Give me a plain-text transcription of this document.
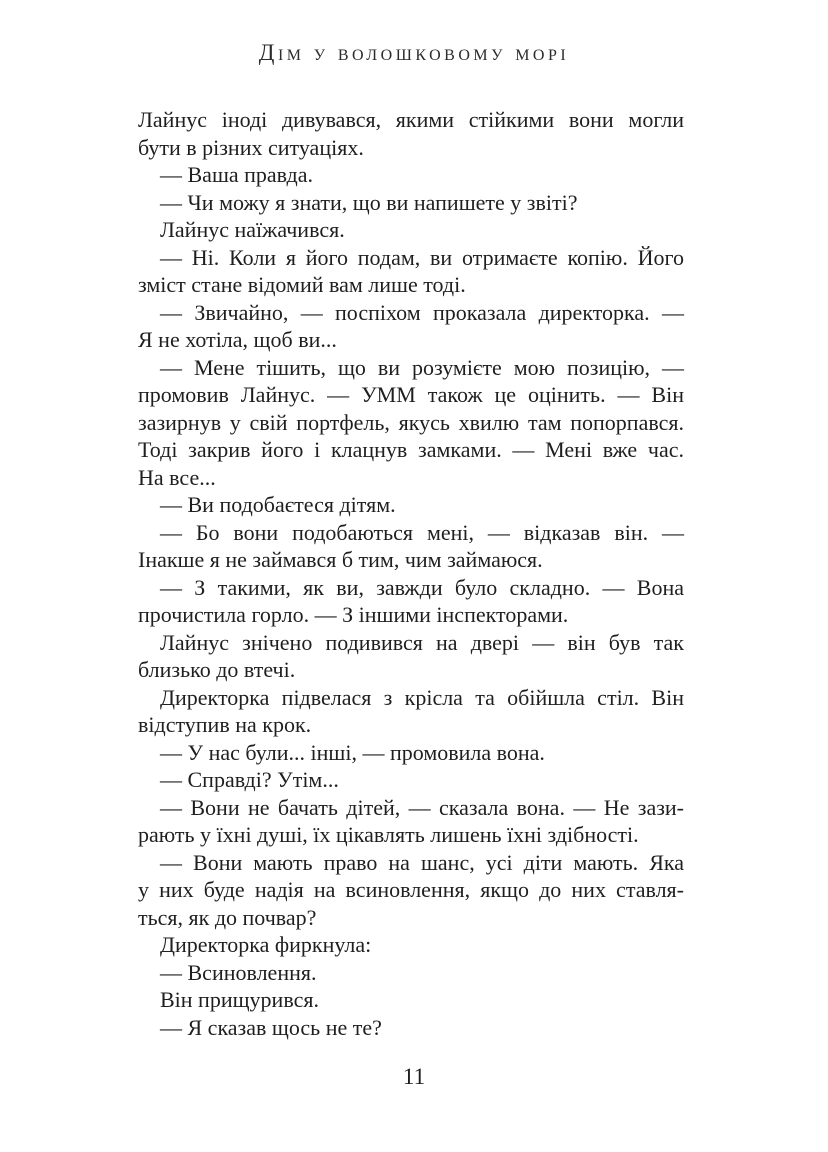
Дім у волошковому морі

Лайнус іноді дивувався, якими стійкими вони могли
бути в різних ситуаціях.

— Ваша правда.

— Чи можу я знати, що ви напишете у звіті?

Лайнус наїжачився.

— Ні. Коли я його подам, ви отримаєте копію. Його
зміст стане відомий вам лише тоді.

— Звичайно, — поспіхом проказала директорка. —
Я не хотіла, щоб ви...

— Мене тішить, що ви розумієте мою позицію, —
промовив Лайнус. — УММ також це оцінить. — Він
зазирнув у свій портфель, якусь хвилю там попорпався.
Тоді закрив його і клацнув замками. — Мені вже час.
На все...

— Ви подобаєтеся дітям.

— Бо вони подобаються мені, — відказав він. —
Інакше я не займався б тим, чим займаюся.

— З такими, як ви, завжди було складно. — Вона
прочистила горло. — З іншими інспекторами.

Лайнус знічено подивився на двері — він був так
близько до втечі.

Директорка підвелася з крісла та обійшла стіл. Він
відступив на крок.

— У нас були... інші, — промовила вона.

— Справді? Утім...

— Вони не бачать дітей, — сказала вона. — Не зази-
рають у їхні душі, їх цікавлять лишень їхні здібності.

— Вони мають право на шанс, усі діти мають. Яка
у них буде надія на всиновлення, якщо до них ставля-
ться, як до почвар?

Директорка фиркнула:

— Всиновлення.

Він прищурився.

— Я сказав щось не те?

11
